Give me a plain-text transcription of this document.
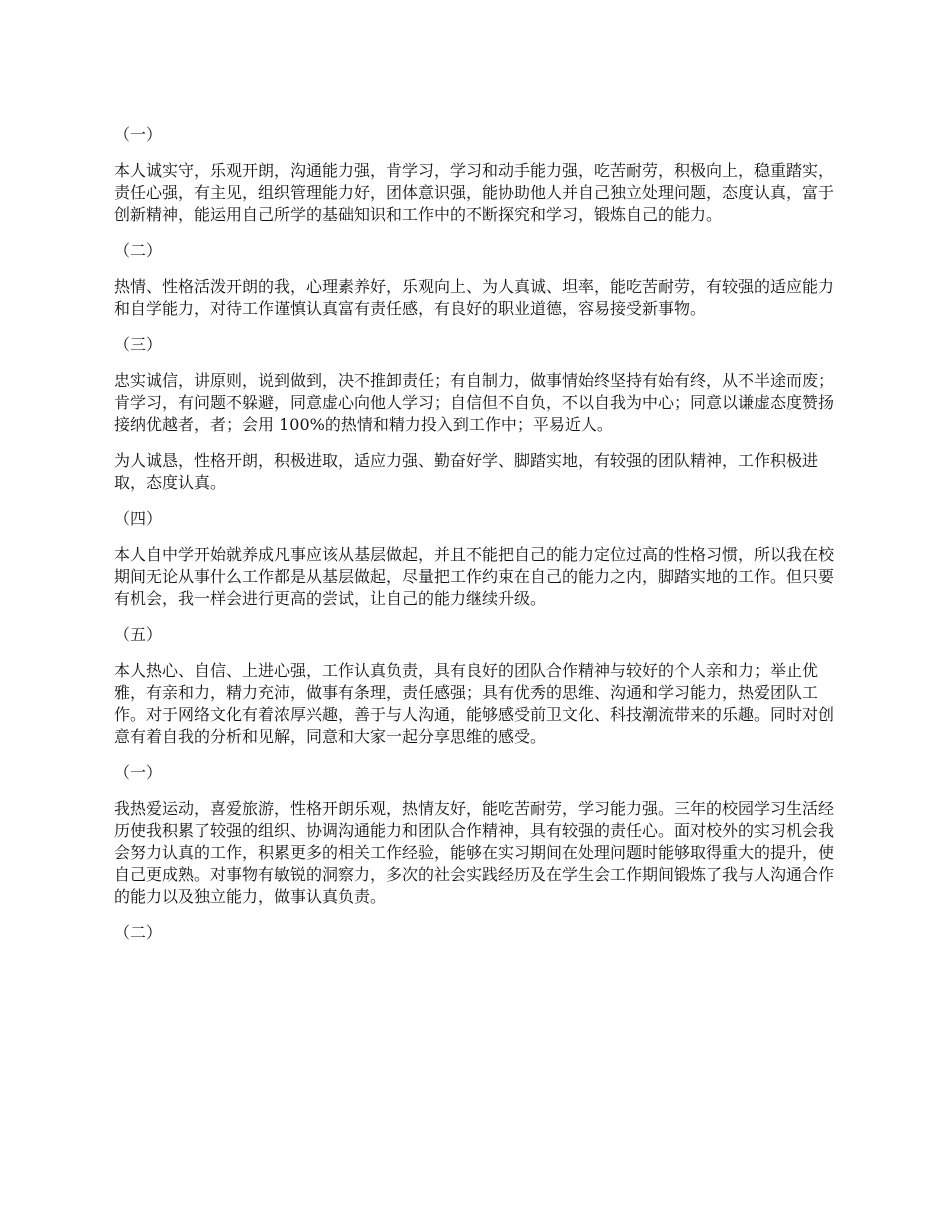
（一）
本人诚实守，乐观开朗，沟通能力强，肯学习，学习和动手能力强，吃苦耐劳，积极向上，稳重踏实，责任心强，有主见，组织管理能力好，团体意识强，能协助他人并自己独立处理问题，态度认真，富于创新精神，能运用自己所学的基础知识和工作中的不断探究和学习，锻炼自己的能力。
（二）
热情、性格活泼开朗的我，心理素养好，乐观向上、为人真诚、坦率，能吃苦耐劳，有较强的适应能力和自学能力，对待工作谨慎认真富有责任感，有良好的职业道德，容易接受新事物。
（三）
忠实诚信，讲原则，说到做到，决不推卸责任；有自制力，做事情始终坚持有始有终，从不半途而废；肯学习，有问题不躲避，同意虚心向他人学习；自信但不自负，不以自我为中心；同意以谦虚态度赞扬接纳优越者，者；会用 100%的热情和精力投入到工作中；平易近人。
为人诚恳，性格开朗，积极进取，适应力强、勤奋好学、脚踏实地，有较强的团队精神，工作积极进取，态度认真。
（四）
本人自中学开始就养成凡事应该从基层做起，并且不能把自己的能力定位过高的性格习惯，所以我在校期间无论从事什么工作都是从基层做起，尽量把工作约束在自己的能力之内，脚踏实地的工作。但只要有机会，我一样会进行更高的尝试，让自己的能力继续升级。
（五）
本人热心、自信、上进心强，工作认真负责，具有良好的团队合作精神与较好的个人亲和力；举止优雅，有亲和力，精力充沛，做事有条理，责任感强；具有优秀的思维、沟通和学习能力，热爱团队工作。对于网络文化有着浓厚兴趣，善于与人沟通，能够感受前卫文化、科技潮流带来的乐趣。同时对创意有着自我的分析和见解，同意和大家一起分享思维的感受。
（一）
我热爱运动，喜爱旅游，性格开朗乐观，热情友好，能吃苦耐劳，学习能力强。三年的校园学习生活经历使我积累了较强的组织、协调沟通能力和团队合作精神，具有较强的责任心。面对校外的实习机会我会努力认真的工作，积累更多的相关工作经验，能够在实习期间在处理问题时能够取得重大的提升，使自己更成熟。对事物有敏锐的洞察力，多次的社会实践经历及在学生会工作期间锻炼了我与人沟通合作的能力以及独立能力，做事认真负责。
（二）
